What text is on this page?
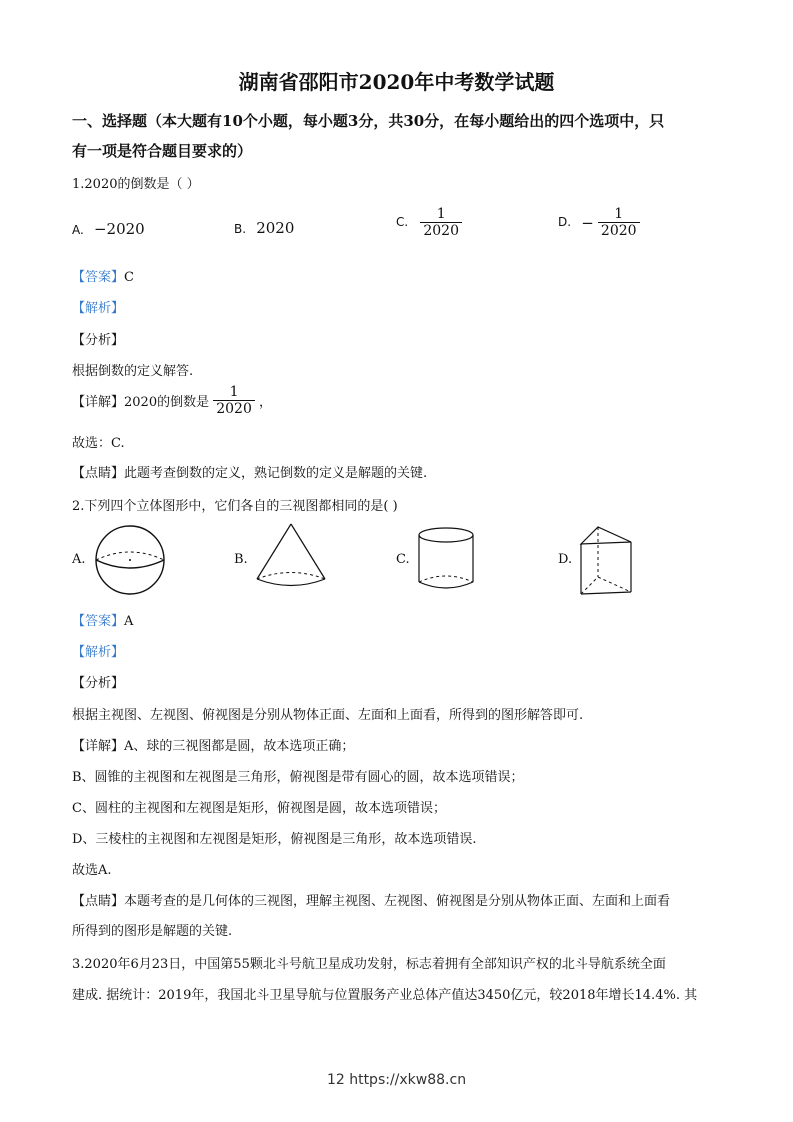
湖南省邵阳市2020年中考数学试题
一、选择题（本大题有10个小题，每小题3分，共30分，在每小题给出的四个选项中，只
有一项是符合题目要求的）
1.2020的倒数是（ ）
A. −2020	B. 2020	C. $\frac{1}{2020}$	D. − $\frac{1}{2020}$
【答案】C
【解析】
【分析】
根据倒数的定义解答.
【详解】2020的倒数是 $\frac{1}{2020}$ ，
故选：C.
【点睛】此题考查倒数的定义，熟记倒数的定义是解题的关键.
2.下列四个立体图形中，它们各自的三视图都相同的是( )
A.	B.	C.	D.
【答案】A
【解析】
【分析】
根据主视图、左视图、俯视图是分别从物体正面、左面和上面看，所得到的图形解答即可.
【详解】A、球的三视图都是圆，故本选项正确；
B、圆锥的主视图和左视图是三角形，俯视图是带有圆心的圆，故本选项错误；
C、圆柱的主视图和左视图是矩形，俯视图是圆，故本选项错误；
D、三棱柱的主视图和左视图是矩形，俯视图是三角形，故本选项错误.
故选A.
【点睛】本题考查的是几何体的三视图，理解主视图、左视图、俯视图是分别从物体正面、左面和上面看
所得到的图形是解题的关键.
3.2020年6月23日，中国第55颗北斗号航卫星成功发射，标志着拥有全部知识产权的北斗导航系统全面
建成. 据统计：2019年，我国北斗卫星导航与位置服务产业总体产值达3450亿元，较2018年增长14.4%. 其
12 https://xkw88.cn
